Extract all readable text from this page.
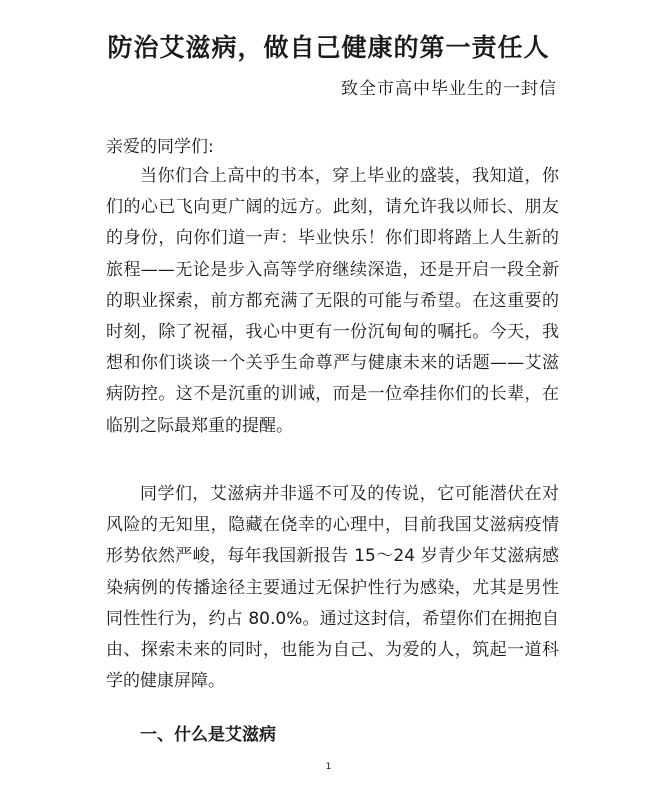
防治艾滋病，做自己健康的第一责任人
致全市高中毕业生的一封信
亲爱的同学们:

当你们合上高中的书本，穿上毕业的盛装，我知道，你们的心已飞向更广阔的远方。此刻，请允许我以师长、朋友的身份，向你们道一声：毕业快乐！你们即将踏上人生新的旅程——无论是步入高等学府继续深造，还是开启一段全新的职业探索，前方都充满了无限的可能与希望。在这重要的时刻，除了祝福，我心中更有一份沉甸甸的嘱托。今天，我想和你们谈谈一个关乎生命尊严与健康未来的话题——艾滋病防控。这不是沉重的训诫，而是一位牵挂你们的长辈，在临别之际最郑重的提醒。

同学们，艾滋病并非遥不可及的传说，它可能潜伏在对风险的无知里，隐藏在侥幸的心理中，目前我国艾滋病疫情形势依然严峻，每年我国新报告 15～24 岁青少年艾滋病感染病例的传播途径主要通过无保护性行为感染，尤其是男性同性性行为，约占 80.0%。通过这封信，希望你们在拥抱自由、探索未来的同时，也能为自己、为爱的人，筑起一道科学的健康屏障。

一、什么是艾滋病
1
